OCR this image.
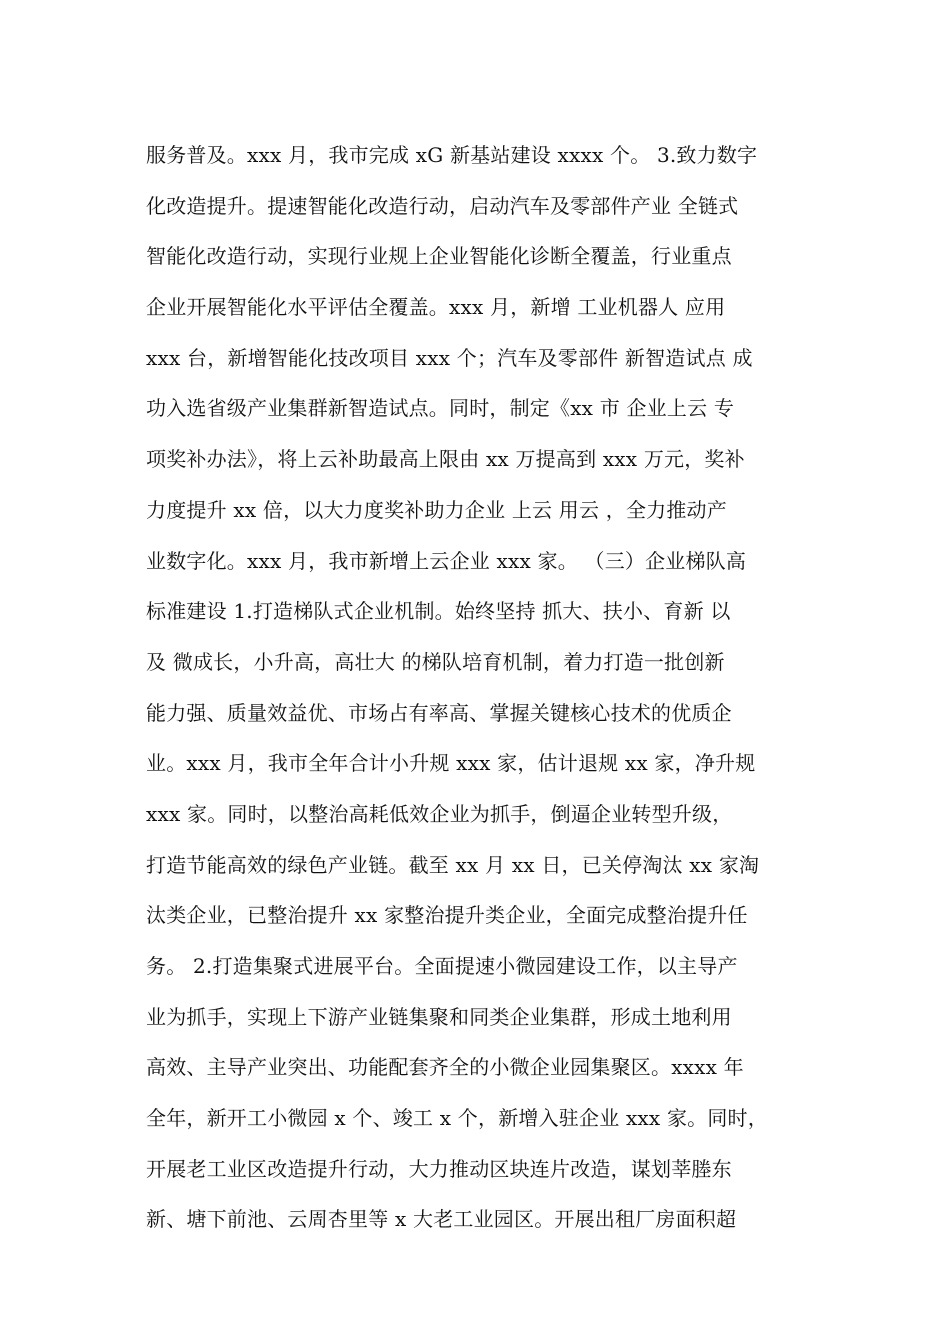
服务普及。xxx 月，我市完成 xG 新基站建设 xxxx 个。 3.致力数字
化改造提升。提速智能化改造行动，启动汽车及零部件产业 全链式
智能化改造行动，实现行业规上企业智能化诊断全覆盖，行业重点
企业开展智能化水平评估全覆盖。xxx 月，新增 工业机器人 应用
xxx 台，新增智能化技改项目 xxx 个；汽车及零部件 新智造试点 成
功入选省级产业集群新智造试点。同时，制定《xx 市 企业上云 专
项奖补办法》，将上云补助最高上限由 xx 万提高到 xxx 万元，奖补
力度提升 xx 倍，以大力度奖补助力企业 上云 用云 ，全力推动产
业数字化。xxx 月，我市新增上云企业 xxx 家。 （三）企业梯队高
标准建设 1.打造梯队式企业机制。始终坚持 抓大、扶小、育新 以
及 微成长，小升高，高壮大 的梯队培育机制，着力打造一批创新
能力强、质量效益优、市场占有率高、掌握关键核心技术的优质企
业。xxx 月，我市全年合计小升规 xxx 家，估计退规 xx 家，净升规
xxx 家。同时，以整治高耗低效企业为抓手，倒逼企业转型升级，
打造节能高效的绿色产业链。截至 xx 月 xx 日，已关停淘汰 xx 家淘
汰类企业，已整治提升 xx 家整治提升类企业，全面完成整治提升任
务。 2.打造集聚式进展平台。全面提速小微园建设工作，以主导产
业为抓手，实现上下游产业链集聚和同类企业集群，形成土地利用
高效、主导产业突出、功能配套齐全的小微企业园集聚区。xxxx 年
全年，新开工小微园 x 个、竣工 x 个，新增入驻企业 xxx 家。同时，
开展老工业区改造提升行动，大力推动区块连片改造，谋划莘塍东
新、塘下前池、云周杏里等 x 大老工业园区。开展出租厂房面积超
